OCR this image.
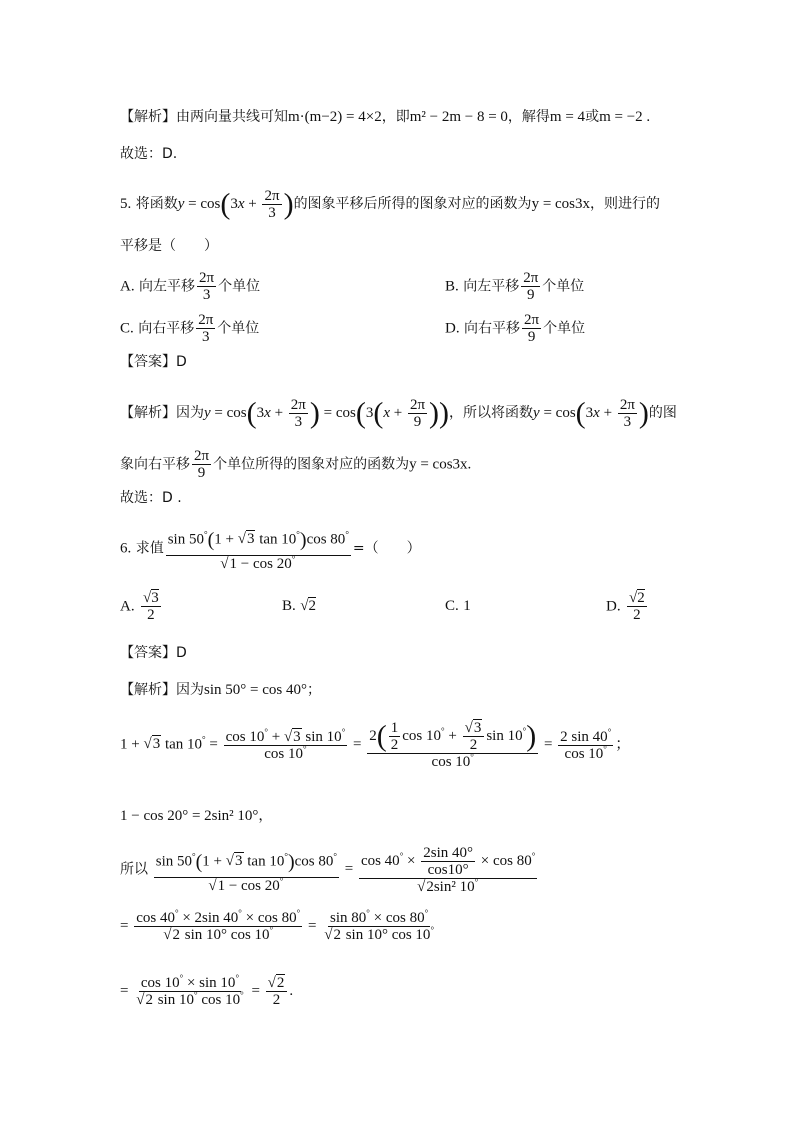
【解析】由两向量共线可知m·(m−2) = 4×2，即m² − 2m − 8 = 0，解得m = 4或m = −2 .
故选：D.
5. 将函数$y = \cos(3x + \frac{2\pi}{3}$ )的图象平移后所得的图象对应的函数为y = cos3x，则进行的
平移是（　　）
A. 向左平移 $\frac{2\pi}{3}$ 个单位	B. 向左平移 $\frac{2\pi}{9}$ 个单位
C. 向右平移 $\frac{2\pi}{3}$ 个单位	D. 向右平移 $\frac{2\pi}{9}$ 个单位
【答案】D
【解析】因为$y = \cos(3x + \frac{2\pi}{3}$ ) = $\cos(3(x + \frac{2\pi}{9}$ ))，所以将函数$y = \cos(3x + \frac{2\pi}{3}$ )的图
象向右平移 $\frac{2\pi}{9}$ 个单位所得的图象对应的函数为y = cos3x.
故选：D .
6. 求值 $\frac{\sin 50^\circ(1 + √3 \tan 10^\circ)\cos 80^\circ}{√1 - \cos 20^\circ}$ =（　　）
A. $\frac{√3}{2}$	B. √2	C. 1	D. $\frac{√2}{2}$
【答案】D
【解析】因为sin 50° = cos 40°；
1 + √3 $\tan 10^\circ = \frac{\cos 10^\circ + √3 \sin 10^\circ}{\cos 10^\circ} = \frac{2( \frac{1}{2} \cos 10^\circ + \frac{√3}{2} \sin 10^\circ)}{\cos 10^\circ} = \frac{2 \sin 40^\circ}{\cos 10^\circ}$ ；
1 − cos 20° = 2sin² 10°，
所以 $\frac{\sin 50^\circ(1 + √3 \tan 10^\circ)\cos 80^\circ}{√1 - \cos 20^\circ} = \frac{\cos 40^\circ \times \frac{2\sin 40^\circ}{\cos 10^\circ} \times \cos 80^\circ}{√2\sin^2 10^\circ}$
= $\frac{\cos 40^\circ \times 2\sin 40^\circ \times \cos 80^\circ}{√2 \sin 10^\circ \cos 10^\circ} = \frac{\sin 80^\circ \times \cos 80^\circ}{√2 \sin 10^\circ \cos 10^\circ}$
= $\frac{\cos 10^\circ \times \sin 10^\circ}{√2 \sin 10^\circ \cos 10^\circ} = \frac{√2}{2}$ .
